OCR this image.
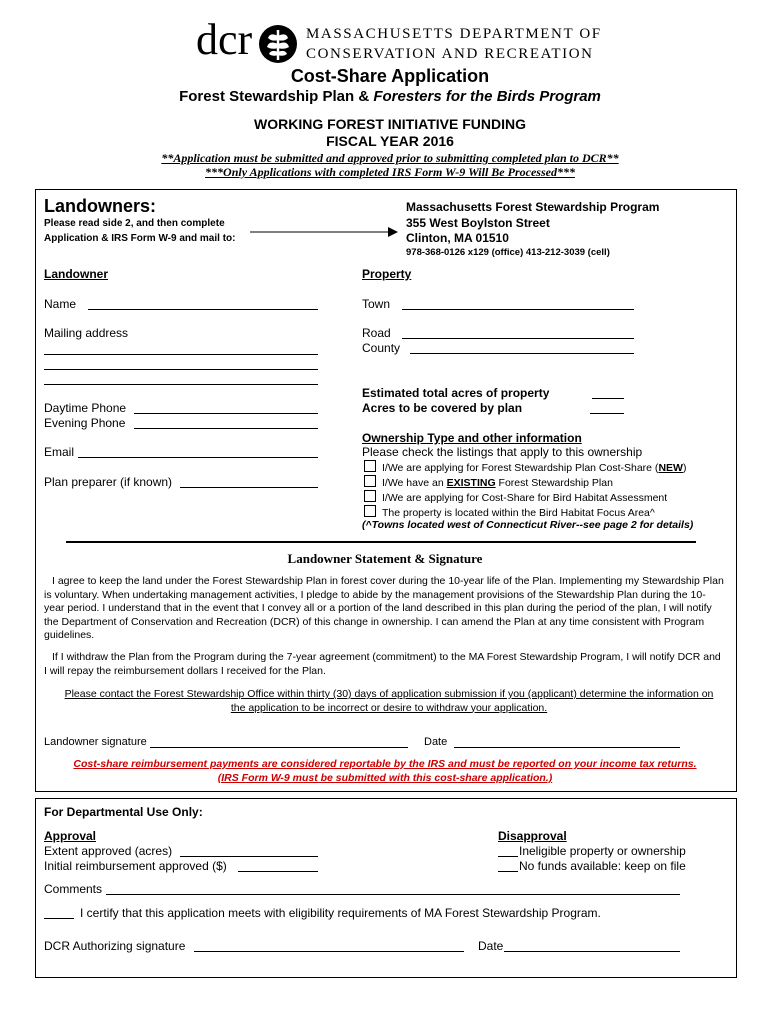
dcr	MASSACHUSETTS DEPARTMENT OF
CONSERVATION AND RECREATION
Cost-Share Application
Forest Stewardship Plan & Foresters for the Birds Program
WORKING FOREST INITIATIVE FUNDING
FISCAL YEAR 2016
**Application must be submitted and approved prior to submitting completed plan to DCR**
***Only Applications with completed IRS Form W-9 Will Be Processed***
Landowners:
Please read side 2, and then complete
Application & IRS Form W-9 and mail to:
Massachusetts Forest Stewardship Program
355 West Boylston Street
Clinton, MA 01510
978-368-0126 x129 (office) 413-212-3039 (cell)
Landowner	Property
Name	Town
Mailing address	Road
County
Daytime Phone
Evening Phone
Estimated total acres of property
Acres to be covered by plan
Ownership Type and other information
Please check the listings that apply to this ownership
I/We are applying for Forest Stewardship Plan Cost-Share (NEW)
I/We have an EXISTING Forest Stewardship Plan
I/We are applying for Cost-Share for Bird Habitat Assessment
The property is located within the Bird Habitat Focus Area^
(^Towns located west of Connecticut River--see page 2 for details)
Email
Plan preparer (if known)
Landowner Statement & Signature
I agree to keep the land under the Forest Stewardship Plan in forest cover during the 10-year life of the Plan. Implementing my Stewardship Plan is voluntary. When undertaking management activities, I pledge to abide by the management provisions of the Stewardship Plan during the 10-year period. I understand that in the event that I convey all or a portion of the land described in this plan during the period of the plan, I will notify the Department of Conservation and Recreation (DCR) of this change in ownership. I can amend the Plan at any time consistent with Program guidelines.
If I withdraw the Plan from the Program during the 7-year agreement (commitment) to the MA Forest Stewardship Program, I will notify DCR and I will repay the reimbursement dollars I received for the Plan.
Please contact the Forest Stewardship Office within thirty (30) days of application submission if you (applicant) determine the information on the application to be incorrect or desire to withdraw your application.
Landowner signature	Date
Cost-share reimbursement payments are considered reportable by the IRS and must be reported on your income tax returns.
(IRS Form W-9 must be submitted with this cost-share application.)
For Departmental Use Only:
Approval
Extent approved (acres)
Initial reimbursement approved ($)
Disapproval
Ineligible property or ownership
No funds available: keep on file
Comments
I certify that this application meets with eligibility requirements of MA Forest Stewardship Program.
DCR Authorizing signature	Date
